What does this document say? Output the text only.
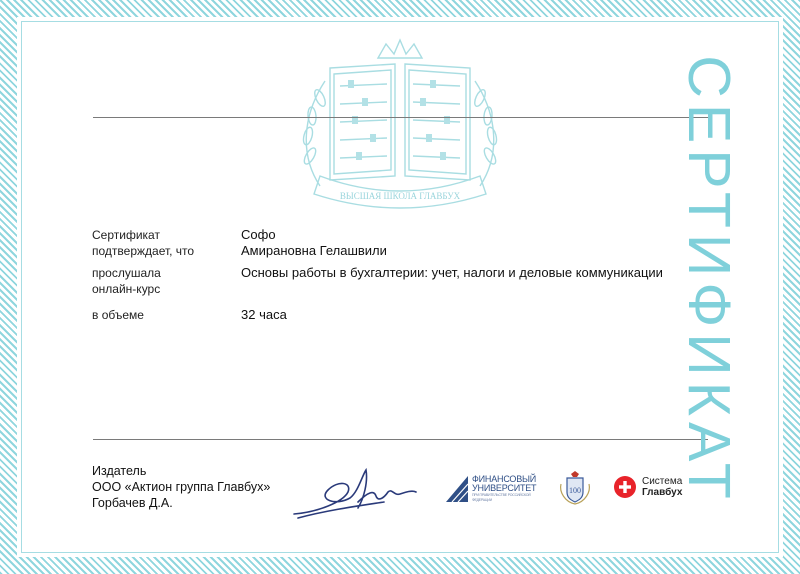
ВЫСШАЯ ШКОЛА ГЛАВБУХ	СЕРТИФИКАТ
Сертификат
подтверждает, что
прослушала
онлайн-курс
в объеме
Софо
Амирановна Гелашвили
Основы работы в бухгалтерии: учет, налоги и деловые коммуникации
32 часа
Издатель
ООО «Актион группа Главбух»
Горбачев Д.А.
ФИНАНСОВЫЙ
УНИВЕРСИТЕТ
ПРИ ПРАВИТЕЛЬСТВЕ РОССИЙСКОЙ ФЕДЕРАЦИИ
100
Система
Главбух
